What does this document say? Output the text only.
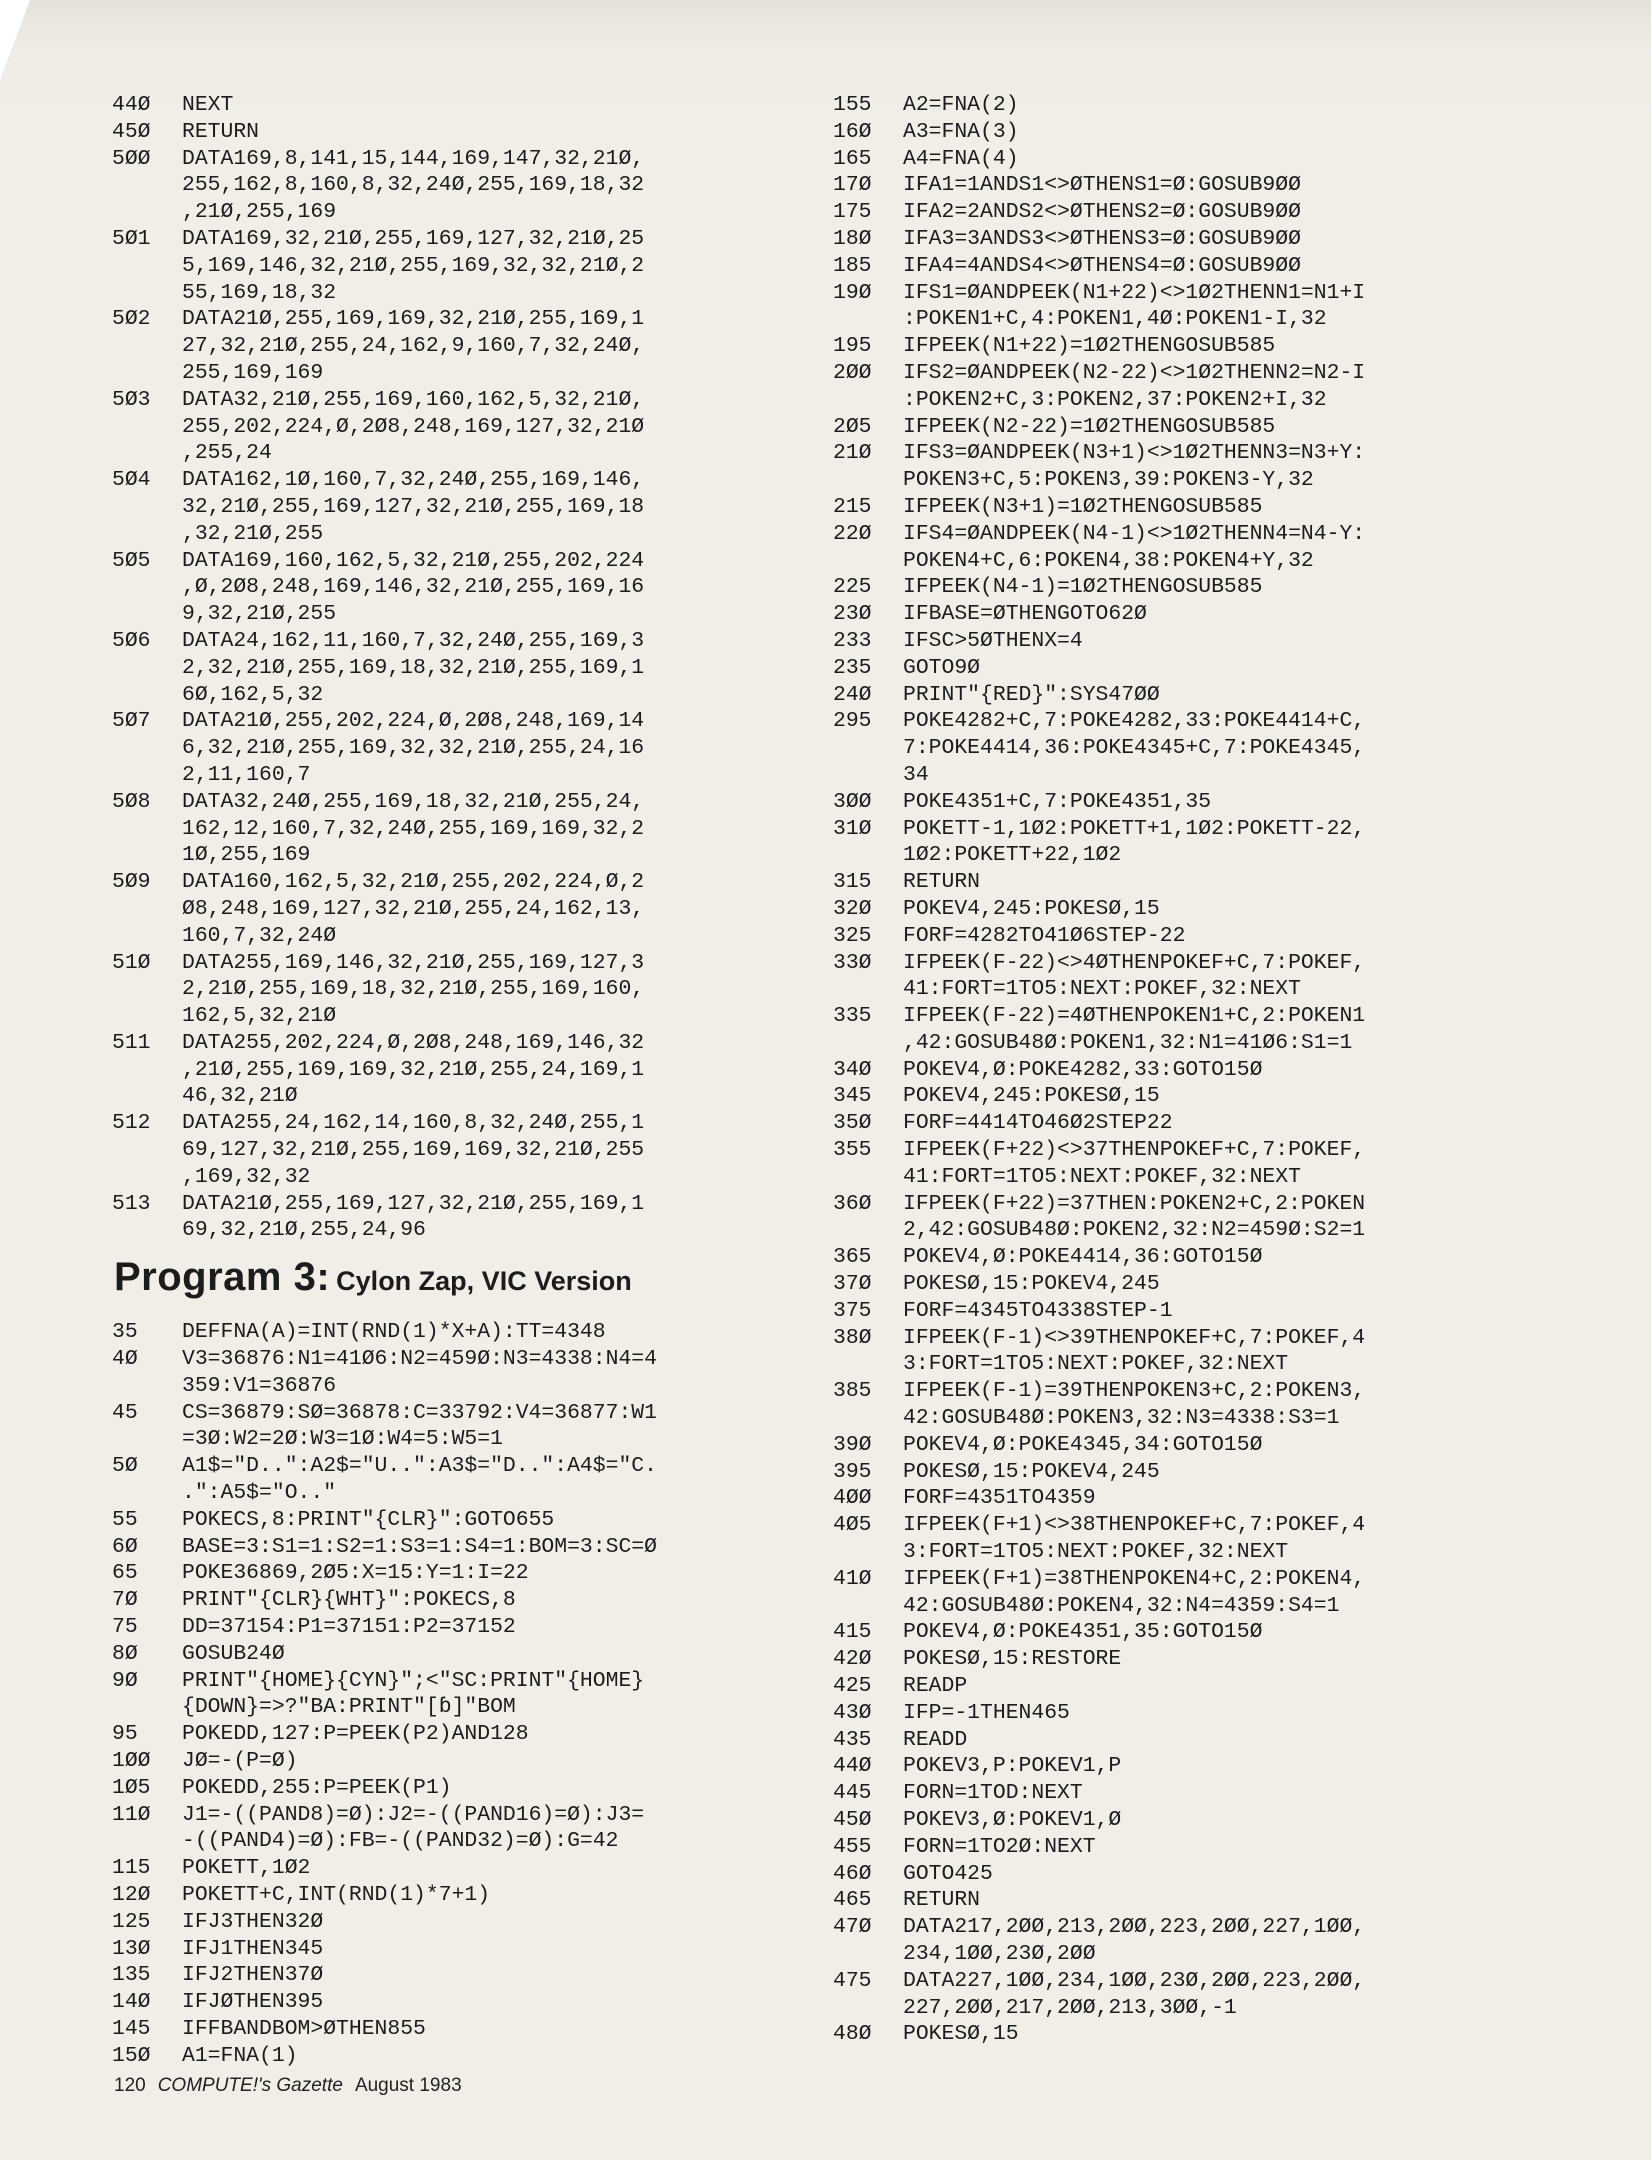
44Ø	NEXT
45Ø	RETURN
5ØØ	DATA169,8,141,15,144,169,147,32,21Ø,
255,162,8,160,8,32,24Ø,255,169,18,32
,21Ø,255,169
5Ø1	DATA169,32,21Ø,255,169,127,32,21Ø,25
5,169,146,32,21Ø,255,169,32,32,21Ø,2
55,169,18,32
5Ø2	DATA21Ø,255,169,169,32,21Ø,255,169,1
27,32,21Ø,255,24,162,9,160,7,32,24Ø,
255,169,169
5Ø3	DATA32,21Ø,255,169,160,162,5,32,21Ø,
255,202,224,Ø,2Ø8,248,169,127,32,21Ø
,255,24
5Ø4	DATA162,1Ø,160,7,32,24Ø,255,169,146,
32,21Ø,255,169,127,32,21Ø,255,169,18
,32,21Ø,255
5Ø5	DATA169,160,162,5,32,21Ø,255,202,224
,Ø,2Ø8,248,169,146,32,21Ø,255,169,16
9,32,21Ø,255
5Ø6	DATA24,162,11,160,7,32,24Ø,255,169,3
2,32,21Ø,255,169,18,32,21Ø,255,169,1
6Ø,162,5,32
5Ø7	DATA21Ø,255,202,224,Ø,2Ø8,248,169,14
6,32,21Ø,255,169,32,32,21Ø,255,24,16
2,11,160,7
5Ø8	DATA32,24Ø,255,169,18,32,21Ø,255,24,
162,12,160,7,32,24Ø,255,169,169,32,2
1Ø,255,169
5Ø9	DATA160,162,5,32,21Ø,255,202,224,Ø,2
Ø8,248,169,127,32,21Ø,255,24,162,13,
160,7,32,24Ø
51Ø	DATA255,169,146,32,21Ø,255,169,127,3
2,21Ø,255,169,18,32,21Ø,255,169,160,
162,5,32,21Ø
511	DATA255,202,224,Ø,2Ø8,248,169,146,32
,21Ø,255,169,169,32,21Ø,255,24,169,1
46,32,21Ø
512	DATA255,24,162,14,160,8,32,24Ø,255,1
69,127,32,21Ø,255,169,169,32,21Ø,255
,169,32,32
513	DATA21Ø,255,169,127,32,21Ø,255,169,1
69,32,21Ø,255,24,96
Program 3: Cylon Zap, VIC Version
35	DEFFNA(A)=INT(RND(1)*X+A):TT=4348
4Ø	V3=36876:N1=41Ø6:N2=459Ø:N3=4338:N4=4
359:V1=36876
45	CS=36879:SØ=36878:C=33792:V4=36877:W1
=3Ø:W2=2Ø:W3=1Ø:W4=5:W5=1
5Ø	A1$="D..":A2$="U..":A3$="D..":A4$="C.
.":A5$="O.."
55	POKECS,8:PRINT"{CLR}":GOTO655
6Ø	BASE=3:S1=1:S2=1:S3=1:S4=1:BOM=3:SC=Ø
65	POKE36869,2Ø5:X=15:Y=1:I=22
7Ø	PRINT"{CLR}{WHT}":POKECS,8
75	DD=37154:P1=37151:P2=37152
8Ø	GOSUB24Ø
9Ø	PRINT"{HOME}{CYN}";<"SC:PRINT"{HOME}
{DOWN}=>?"BA:PRINT"[ɓ]"BOM
95	POKEDD,127:P=PEEK(P2)AND128
1ØØ	JØ=-(P=Ø)
1Ø5	POKEDD,255:P=PEEK(P1)
11Ø	J1=-((PAND8)=Ø):J2=-((PAND16)=Ø):J3=
-((PAND4)=Ø):FB=-((PAND32)=Ø):G=42
115	POKETT,1Ø2
12Ø	POKETT+C,INT(RND(1)*7+1)
125	IFJ3THEN32Ø
13Ø	IFJ1THEN345
135	IFJ2THEN37Ø
14Ø	IFJØTHEN395
145	IFFBANDBOM>ØTHEN855
15Ø	A1=FNA(1)
155	A2=FNA(2)
16Ø	A3=FNA(3)
165	A4=FNA(4)
17Ø	IFA1=1ANDS1<>ØTHENS1=Ø:GOSUB9ØØ
175	IFA2=2ANDS2<>ØTHENS2=Ø:GOSUB9ØØ
18Ø	IFA3=3ANDS3<>ØTHENS3=Ø:GOSUB9ØØ
185	IFA4=4ANDS4<>ØTHENS4=Ø:GOSUB9ØØ
19Ø	IFS1=ØANDPEEK(N1+22)<>1Ø2THENN1=N1+I
:POKEN1+C,4:POKEN1,4Ø:POKEN1-I,32
195	IFPEEK(N1+22)=1Ø2THENGOSUB585
2ØØ	IFS2=ØANDPEEK(N2-22)<>1Ø2THENN2=N2-I
:POKEN2+C,3:POKEN2,37:POKEN2+I,32
2Ø5	IFPEEK(N2-22)=1Ø2THENGOSUB585
21Ø	IFS3=ØANDPEEK(N3+1)<>1Ø2THENN3=N3+Y:
POKEN3+C,5:POKEN3,39:POKEN3-Y,32
215	IFPEEK(N3+1)=1Ø2THENGOSUB585
22Ø	IFS4=ØANDPEEK(N4-1)<>1Ø2THENN4=N4-Y:
POKEN4+C,6:POKEN4,38:POKEN4+Y,32
225	IFPEEK(N4-1)=1Ø2THENGOSUB585
23Ø	IFBASE=ØTHENGOTO62Ø
233	IFSC>5ØTHENX=4
235	GOTO9Ø
24Ø	PRINT"{RED}":SYS47ØØ
295	POKE4282+C,7:POKE4282,33:POKE4414+C,
7:POKE4414,36:POKE4345+C,7:POKE4345,
34
3ØØ	POKE4351+C,7:POKE4351,35
31Ø	POKETT-1,1Ø2:POKETT+1,1Ø2:POKETT-22,
1Ø2:POKETT+22,1Ø2
315	RETURN
32Ø	POKEV4,245:POKESØ,15
325	FORF=4282TO41Ø6STEP-22
33Ø	IFPEEK(F-22)<>4ØTHENPOKEF+C,7:POKEF,
41:FORT=1TO5:NEXT:POKEF,32:NEXT
335	IFPEEK(F-22)=4ØTHENPOKEN1+C,2:POKEN1
,42:GOSUB48Ø:POKEN1,32:N1=41Ø6:S1=1
34Ø	POKEV4,Ø:POKE4282,33:GOTO15Ø
345	POKEV4,245:POKESØ,15
35Ø	FORF=4414TO46Ø2STEP22
355	IFPEEK(F+22)<>37THENPOKEF+C,7:POKEF,
41:FORT=1TO5:NEXT:POKEF,32:NEXT
36Ø	IFPEEK(F+22)=37THEN:POKEN2+C,2:POKEN
2,42:GOSUB48Ø:POKEN2,32:N2=459Ø:S2=1
365	POKEV4,Ø:POKE4414,36:GOTO15Ø
37Ø	POKESØ,15:POKEV4,245
375	FORF=4345TO4338STEP-1
38Ø	IFPEEK(F-1)<>39THENPOKEF+C,7:POKEF,4
3:FORT=1TO5:NEXT:POKEF,32:NEXT
385	IFPEEK(F-1)=39THENPOKEN3+C,2:POKEN3,
42:GOSUB48Ø:POKEN3,32:N3=4338:S3=1
39Ø	POKEV4,Ø:POKE4345,34:GOTO15Ø
395	POKESØ,15:POKEV4,245
4ØØ	FORF=4351TO4359
4Ø5	IFPEEK(F+1)<>38THENPOKEF+C,7:POKEF,4
3:FORT=1TO5:NEXT:POKEF,32:NEXT
41Ø	IFPEEK(F+1)=38THENPOKEN4+C,2:POKEN4,
42:GOSUB48Ø:POKEN4,32:N4=4359:S4=1
415	POKEV4,Ø:POKE4351,35:GOTO15Ø
42Ø	POKESØ,15:RESTORE
425	READP
43Ø	IFP=-1THEN465
435	READD
44Ø	POKEV3,P:POKEV1,P
445	FORN=1TOD:NEXT
45Ø	POKEV3,Ø:POKEV1,Ø
455	FORN=1TO2Ø:NEXT
46Ø	GOTO425
465	RETURN
47Ø	DATA217,2ØØ,213,2ØØ,223,2ØØ,227,1ØØ,
234,1ØØ,23Ø,2ØØ
475	DATA227,1ØØ,234,1ØØ,23Ø,2ØØ,223,2ØØ,
227,2ØØ,217,2ØØ,213,3ØØ,-1
48Ø	POKESØ,15
120 COMPUTE!'s Gazette August 1983
